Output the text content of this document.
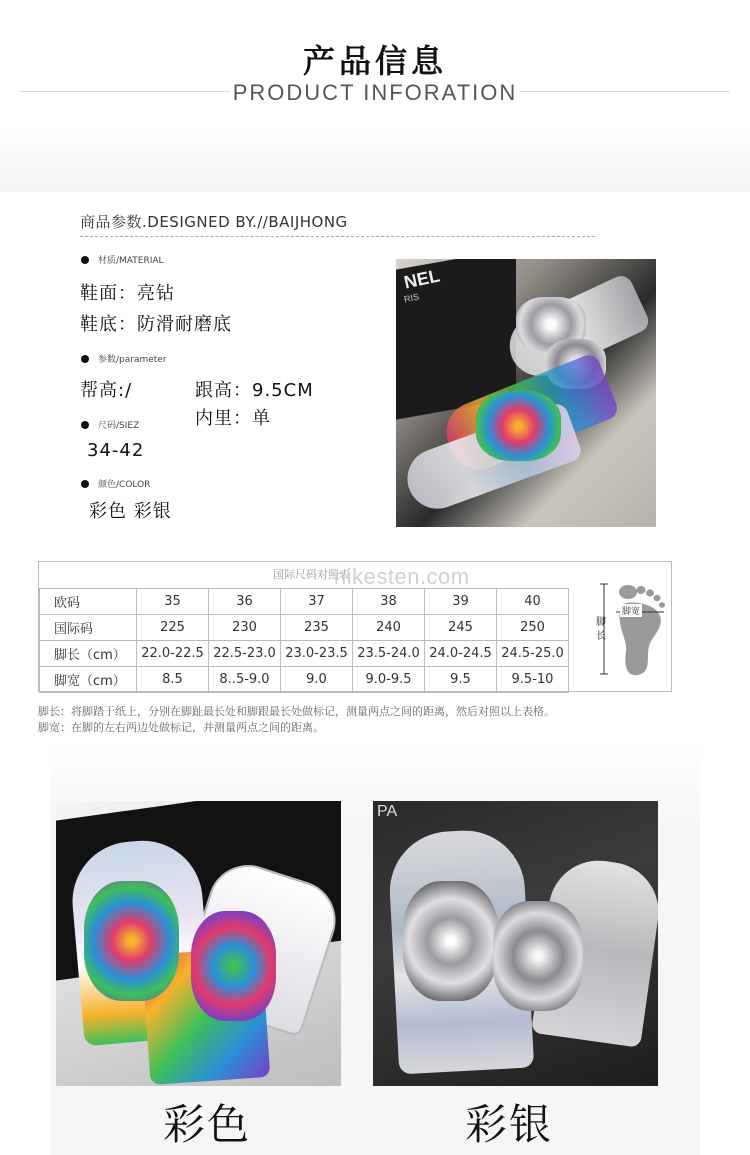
产品信息
PRODUCT INFORATION
商品参数.DESIGNED BY.//BAIJHONG
材质/MATERIAL
鞋面：亮钻
鞋底：防滑耐磨底
参数/parameter
帮高:/	跟高：9.5CM
内里：单
尺码/SIEZ
34-42
颜色/COLOR
彩色 彩银
NEL
RIS
国际尺码对照表
nikesten.com
欧码	35	36	37	38	39	40
国际码	225	230	235	240	245	250
脚长（cm）	22.0-22.5	22.5-23.0	23.0-23.5	23.5-24.0	24.0-24.5	24.5-25.0
脚宽（cm）	8.5	8..5-9.0	9.0	9.0-9.5	9.5	9.5-10
脚长
脚宽
脚长：将脚踏于纸上，分别在脚趾最长处和脚跟最长处做标记，测量两点之间的距离，然后对照以上表格。
脚宽：在脚的左右两边处做标记，并测量两点之间的距离。
PA
彩色	彩银
